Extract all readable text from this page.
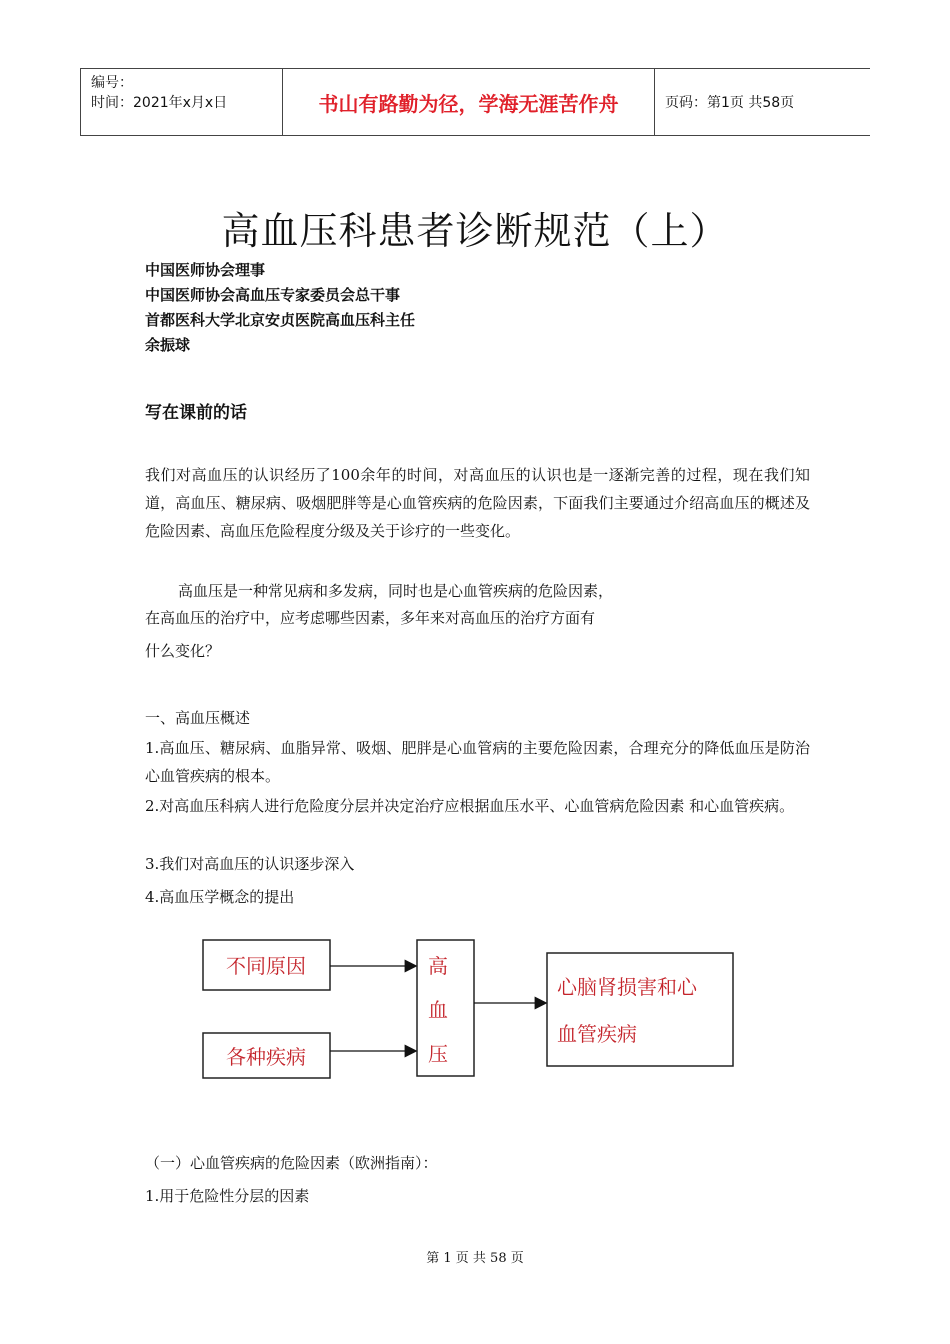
编号：
时间：2021年x月x日	书山有路勤为径，学海无涯苦作舟	页码：第1页 共58页
高血压科患者诊断规范（上）
中国医师协会理事
中国医师协会高血压专家委员会总干事
首都医科大学北京安贞医院高血压科主任
余振球
写在课前的话
我们对高血压的认识经历了100余年的时间，对高血压的认识也是一逐渐完善的过程，现在我们知道，高血压、糖尿病、吸烟肥胖等是心血管疾病的危险因素，下面我们主要通过介绍高血压的概述及危险因素、高血压危险程度分级及关于诊疗的一些变化。
高血压是一种常见病和多发病，同时也是心血管疾病的危险因素，
在高血压的治疗中，应考虑哪些因素，多年来对高血压的治疗方面有
什么变化？
一、高血压概述
1.高血压、糖尿病、血脂异常、吸烟、肥胖是心血管病的主要危险因素，合理充分的降低血压是防治心血管疾病的根本。
2.对高血压科病人进行危险度分层并决定治疗应根据血压水平、心血管病危险因素 和心血管疾病。
3.我们对高血压的认识逐步深入
4.高血压学概念的提出
不同原因
各种疾病
高
血
压
心脑肾损害和心
血管疾病
（一）心血管疾病的危险因素（欧洲指南）：
1.用于危险性分层的因素
第 1 页 共 58 页
